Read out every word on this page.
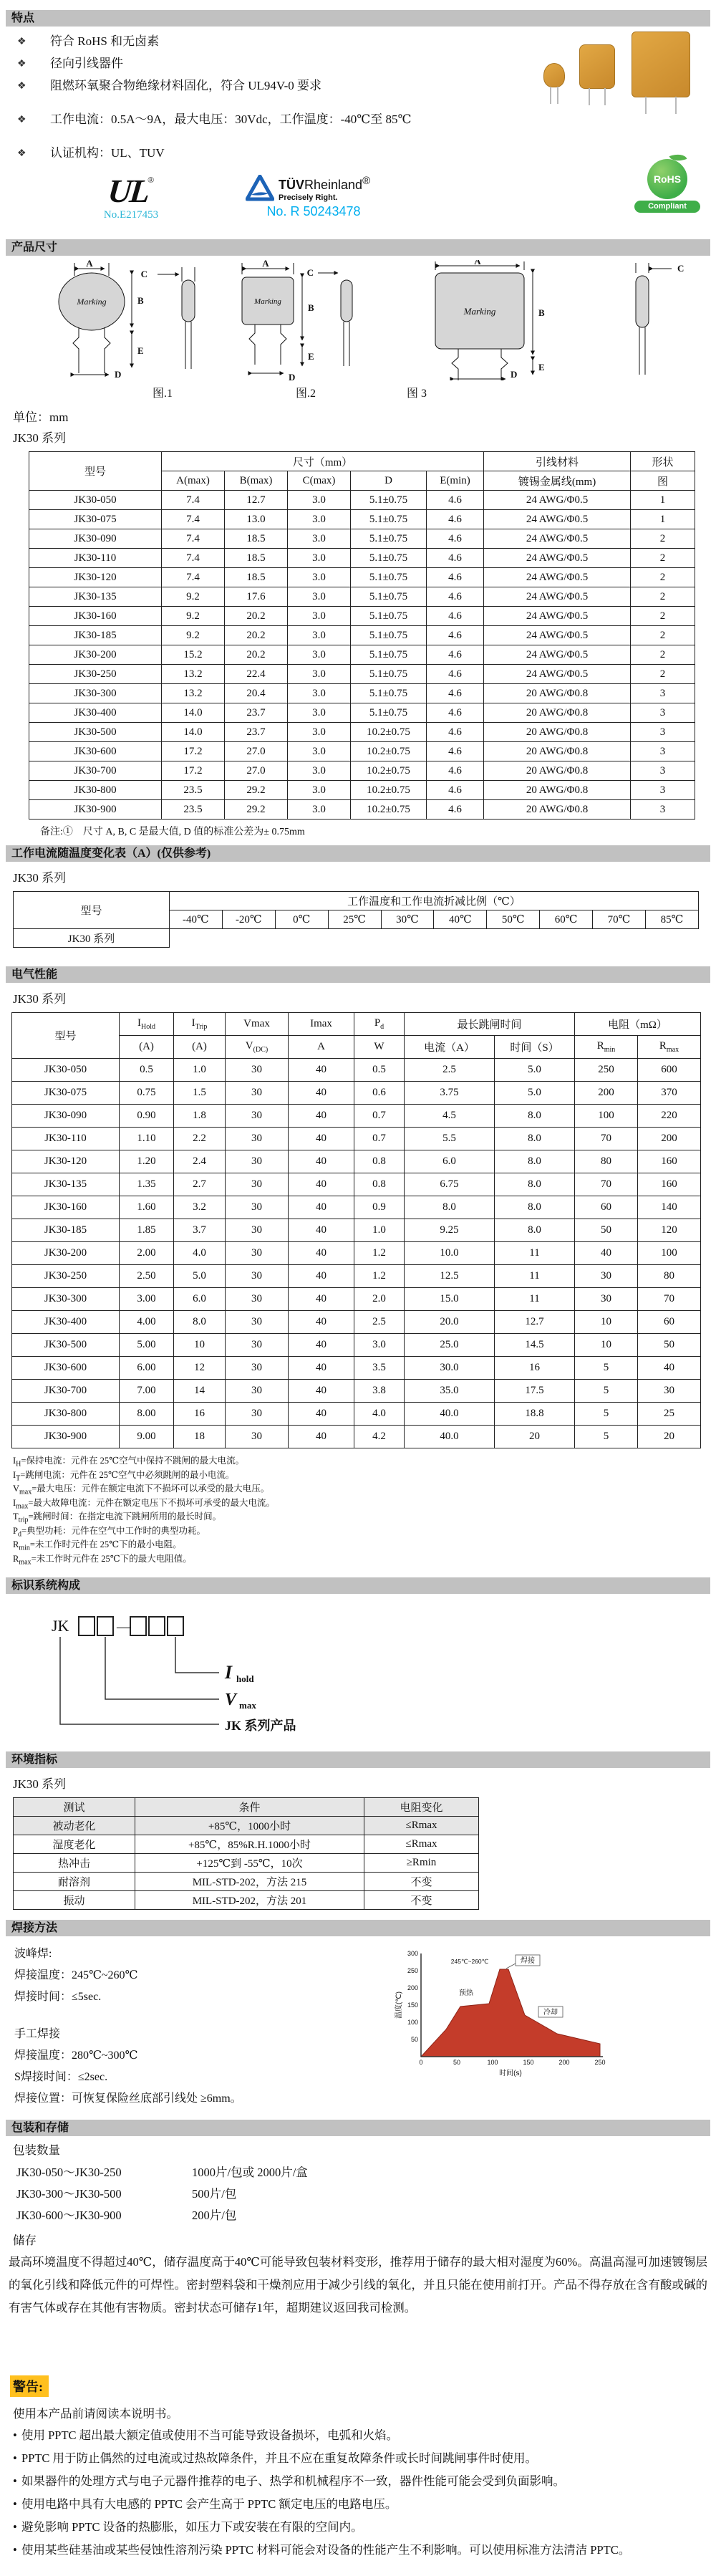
特点
❖	符合 RoHS 和无卤素
❖	径向引线器件
❖	阻燃环氧聚合物绝缘材料固化，符合 UL94V-0 要求
❖	工作电流：0.5A～9A，最大电压：30Vdc，工作温度：-40℃至 85℃
❖	认证机构：UL、TUV
UL®
No.E217453
TÜVRheinland®
Precisely Right.
No. R 50243478
RoHS
Compliant
产品尺寸
Marking
A
B
E
D
C
Marking
A
B
E
D
C
Marking
A
B
E
D
C
图.1	图.2	图 3
单位：mm
JK30 系列
型号	尺寸（mm）					引线材料	形状
	A(max)	B(max)	C(max)	D	E(min)	镀锡金属线(mm)	图
JK30-050	7.4	12.7	3.0	5.1±0.75	4.6	24 AWG/Φ0.5	1
JK30-075	7.4	13.0	3.0	5.1±0.75	4.6	24 AWG/Φ0.5	1
JK30-090	7.4	18.5	3.0	5.1±0.75	4.6	24 AWG/Φ0.5	2
JK30-110	7.4	18.5	3.0	5.1±0.75	4.6	24 AWG/Φ0.5	2
JK30-120	7.4	18.5	3.0	5.1±0.75	4.6	24 AWG/Φ0.5	2
JK30-135	9.2	17.6	3.0	5.1±0.75	4.6	24 AWG/Φ0.5	2
JK30-160	9.2	20.2	3.0	5.1±0.75	4.6	24 AWG/Φ0.5	2
JK30-185	9.2	20.2	3.0	5.1±0.75	4.6	24 AWG/Φ0.5	2
JK30-200	15.2	20.2	3.0	5.1±0.75	4.6	24 AWG/Φ0.5	2
JK30-250	13.2	22.4	3.0	5.1±0.75	4.6	24 AWG/Φ0.5	2
JK30-300	13.2	20.4	3.0	5.1±0.75	4.6	20 AWG/Φ0.8	3
JK30-400	14.0	23.7	3.0	5.1±0.75	4.6	20 AWG/Φ0.8	3
JK30-500	14.0	23.7	3.0	10.2±0.75	4.6	20 AWG/Φ0.8	3
JK30-600	17.2	27.0	3.0	10.2±0.75	4.6	20 AWG/Φ0.8	3
JK30-700	17.2	27.0	3.0	10.2±0.75	4.6	20 AWG/Φ0.8	3
JK30-800	23.5	29.2	3.0	10.2±0.75	4.6	20 AWG/Φ0.8	3
JK30-900	23.5	29.2	3.0	10.2±0.75	4.6	20 AWG/Φ0.8	3
备注:①　尺寸 A, B, C 是最大值, D 值的标准公差为± 0.75mm
工作电流随温度变化表（A）(仅供参考)
JK30 系列
型号	工作温度和工作电流折减比例（℃）									
	-40℃	-20℃	0℃	25℃	30℃	40℃	50℃	60℃	70℃	85℃
JK30 系列										
电气性能
JK30 系列
型号	$I_{Hold}$	$I_{Trip}$	Vmax	Imax	$P_d$	最长跳闸时间		电阻（mΩ）	
	(A)	(A)	$V_{(DC)}$	A	W	电流（A）	时间（S）	$R_{min}$	$R_{max}$
JK30-050	0.5	1.0	30	40	0.5	2.5	5.0	250	600
JK30-075	0.75	1.5	30	40	0.6	3.75	5.0	200	370
JK30-090	0.90	1.8	30	40	0.7	4.5	8.0	100	220
JK30-110	1.10	2.2	30	40	0.7	5.5	8.0	70	200
JK30-120	1.20	2.4	30	40	0.8	6.0	8.0	80	160
JK30-135	1.35	2.7	30	40	0.8	6.75	8.0	70	160
JK30-160	1.60	3.2	30	40	0.9	8.0	8.0	60	140
JK30-185	1.85	3.7	30	40	1.0	9.25	8.0	50	120
JK30-200	2.00	4.0	30	40	1.2	10.0	11	40	100
JK30-250	2.50	5.0	30	40	1.2	12.5	11	30	80
JK30-300	3.00	6.0	30	40	2.0	15.0	11	30	70
JK30-400	4.00	8.0	30	40	2.5	20.0	12.7	10	60
JK30-500	5.00	10	30	40	3.0	25.0	14.5	10	50
JK30-600	6.00	12	30	40	3.5	30.0	16	5	40
JK30-700	7.00	14	30	40	3.8	35.0	17.5	5	30
JK30-800	8.00	16	30	40	4.0	40.0	18.8	5	25
JK30-900	9.00	18	30	40	4.2	40.0	20	5	20
$I_H=$保持电流：元件在 25℃空气中保持不跳闸的最大电流。
$I_T=$跳闸电流：元件在 25℃空气中必须跳闸的最小电流。
$V_{max}=$最大电压：元件在额定电流下不损坏可以承受的最大电压。
$I_{max}=$最大故障电流：元件在额定电压下不损坏可承受的最大电流。
$T_{trip}=$跳闸时间：在指定电流下跳闸所用的最长时间。
$P_d=$典型功耗：元件在空气中工作时的典型功耗。
$R_{min}=$未工作时元件在 25℃下的最小电阻。
$R_{max}=$未工作时元件在 25℃下的最大电阻值。
标识系统构成
JK	—
I hold
V max
JK 系列产品
环境指标
JK30 系列
测试	条件	电阻变化
被动老化	+85℃，1000小时	≤Rmax
湿度老化	+85℃，85%R.H.1000小时	≤Rmax
热冲击	+125℃到 -55℃，10次	≥Rmin
耐溶剂	MIL-STD-202，方法 215	不变
振动	MIL-STD-202，方法 201	不变
焊接方法
波峰焊:
焊接温度：245℃~260℃
焊接时间：≤5sec.
手工焊接
焊接温度：280℃~300℃
S焊接时间：≤2sec.
焊接位置：可恢复保险丝底部引线处 ≥6mm。
50
100
150
200
250
300
0	50	100	150	200	250
温度(℃)
时间(s)
焊接
预热
冷却
245℃~260℃
包装和存储
包装数量
JK30-050～JK30-250	1000片/包或 2000片/盒
JK30-300～JK30-500	500片/包
JK30-600～JK30-900	200片/包
储存
最高环境温度不得超过40℃，储存温度高于40℃可能导致包装材料变形，推荐用于储存的最大相对湿度为60%。高温高湿可加速镀锡层的氧化引线和降低元件的可焊性。密封塑料袋和干燥剂应用于减少引线的氧化，并且只能在使用前打开。产品不得存放在含有酸或碱的有害气体或存在其他有害物质。密封状态可储存1年，超期建议返回我司检测。
警告:
使用本产品前请阅读本说明书。
• 使用 PPTC 超出最大额定值或使用不当可能导致设备损坏，电弧和火焰。
• PPTC 用于防止偶然的过电流或过热故障条件，并且不应在重复故障条件或长时间跳闸事件时使用。
• 如果器件的处理方式与电子元器件推荐的电子、热学和机械程序不一致，器件性能可能会受到负面影响。
• 使用电路中具有大电感的 PPTC 会产生高于 PPTC 额定电压的电路电压。
• 避免影响 PPTC 设备的热膨胀，如压力下或安装在有限的空间内。
• 使用某些硅基油或某些侵蚀性溶剂污染 PPTC 材料可能会对设备的性能产生不利影响。可以使用标准方法清洁 PPTC。
